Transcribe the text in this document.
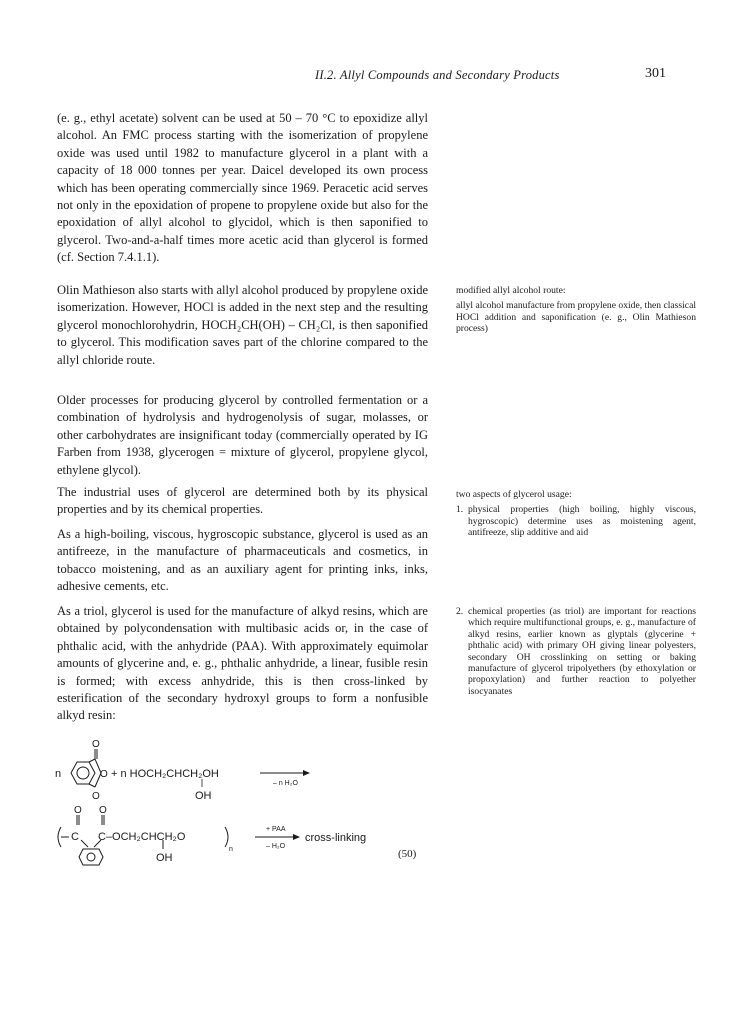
II.2. Allyl Compounds and Secondary Products	301

(e. g., ethyl acetate) solvent can be used at 50 – 70 °C to epoxidize allyl alcohol. An FMC process starting with the isomerization of propylene oxide was used until 1982 to manufacture glycerol in a plant with a capacity of 18 000 tonnes per year. Daicel developed its own process which has been operating commercially since 1969. Peracetic acid serves not only in the epoxidation of propene to propylene oxide but also for the epoxidation of allyl alcohol to glycidol, which is then saponified to glycerol. Two-and-a-half times more acetic acid than glycerol is formed (cf. Section 7.4.1.1).

Olin Mathieson also starts with allyl alcohol produced by propylene oxide isomerization. However, HOCl is added in the next step and the resulting glycerol monochlorohydrin, HOCH₂CH(OH) – CH₂Cl, is then saponified to glycerol. This modification saves part of the chlorine compared to the allyl chloride route.

Older processes for producing glycerol by controlled fermentation or a combination of hydrolysis and hydrogenolysis of sugar, molasses, or other carbohydrates are insignificant today (commercially operated by IG Farben from 1938, glycerogen = mixture of glycerol, propylene glycol, ethylene glycol).

The industrial uses of glycerol are determined both by its physical properties and by its chemical properties.

As a high-boiling, viscous, hygroscopic substance, glycerol is used as an antifreeze, in the manufacture of pharmaceuticals and cosmetics, in tobacco moistening, and as an auxiliary agent for printing inks, inks, adhesive cements, etc.

As a triol, glycerol is used for the manufacture of alkyd resins, which are obtained by polycondensation with multibasic acids or, in the case of phthalic acid, with the anhydride (PAA). With approximately equimolar amounts of glycerine and, e. g., phthalic anhydride, a linear, fusible resin is formed; with excess anhydride, this is then cross-linked by esterification of the secondary hydroxyl groups to form a nonfusible alkyd resin:

modified allyl alcohol route:

allyl alcohol manufacture from propylene oxide, then classical HOCl addition and saponification (e. g., Olin Mathieson process)

two aspects of glycerol usage:

1. physical properties (high boiling, highly viscous, hygroscopic) determine uses as moistening agent, antifreeze, slip additive and aid

2. chemical properties (as triol) are important for reactions which require multifunctional groups, e. g., manufacture of alkyd resins, earlier known as glyptals (glycerine + phthalic acid) with primary OH giving linear polyesters, secondary OH crosslinking on setting or baking manufacture of glycerol tripolyethers (by ethoxylation or propoxylation) and further reaction to polyether isocyanates

n
O
O
O
+ n HOCH₂CHCH₂OH
OH
– n H₂O
O O
C C–OCH₂CHCH₂O
OH
n
+ PAA
– H₂O
cross-linking
(50)
